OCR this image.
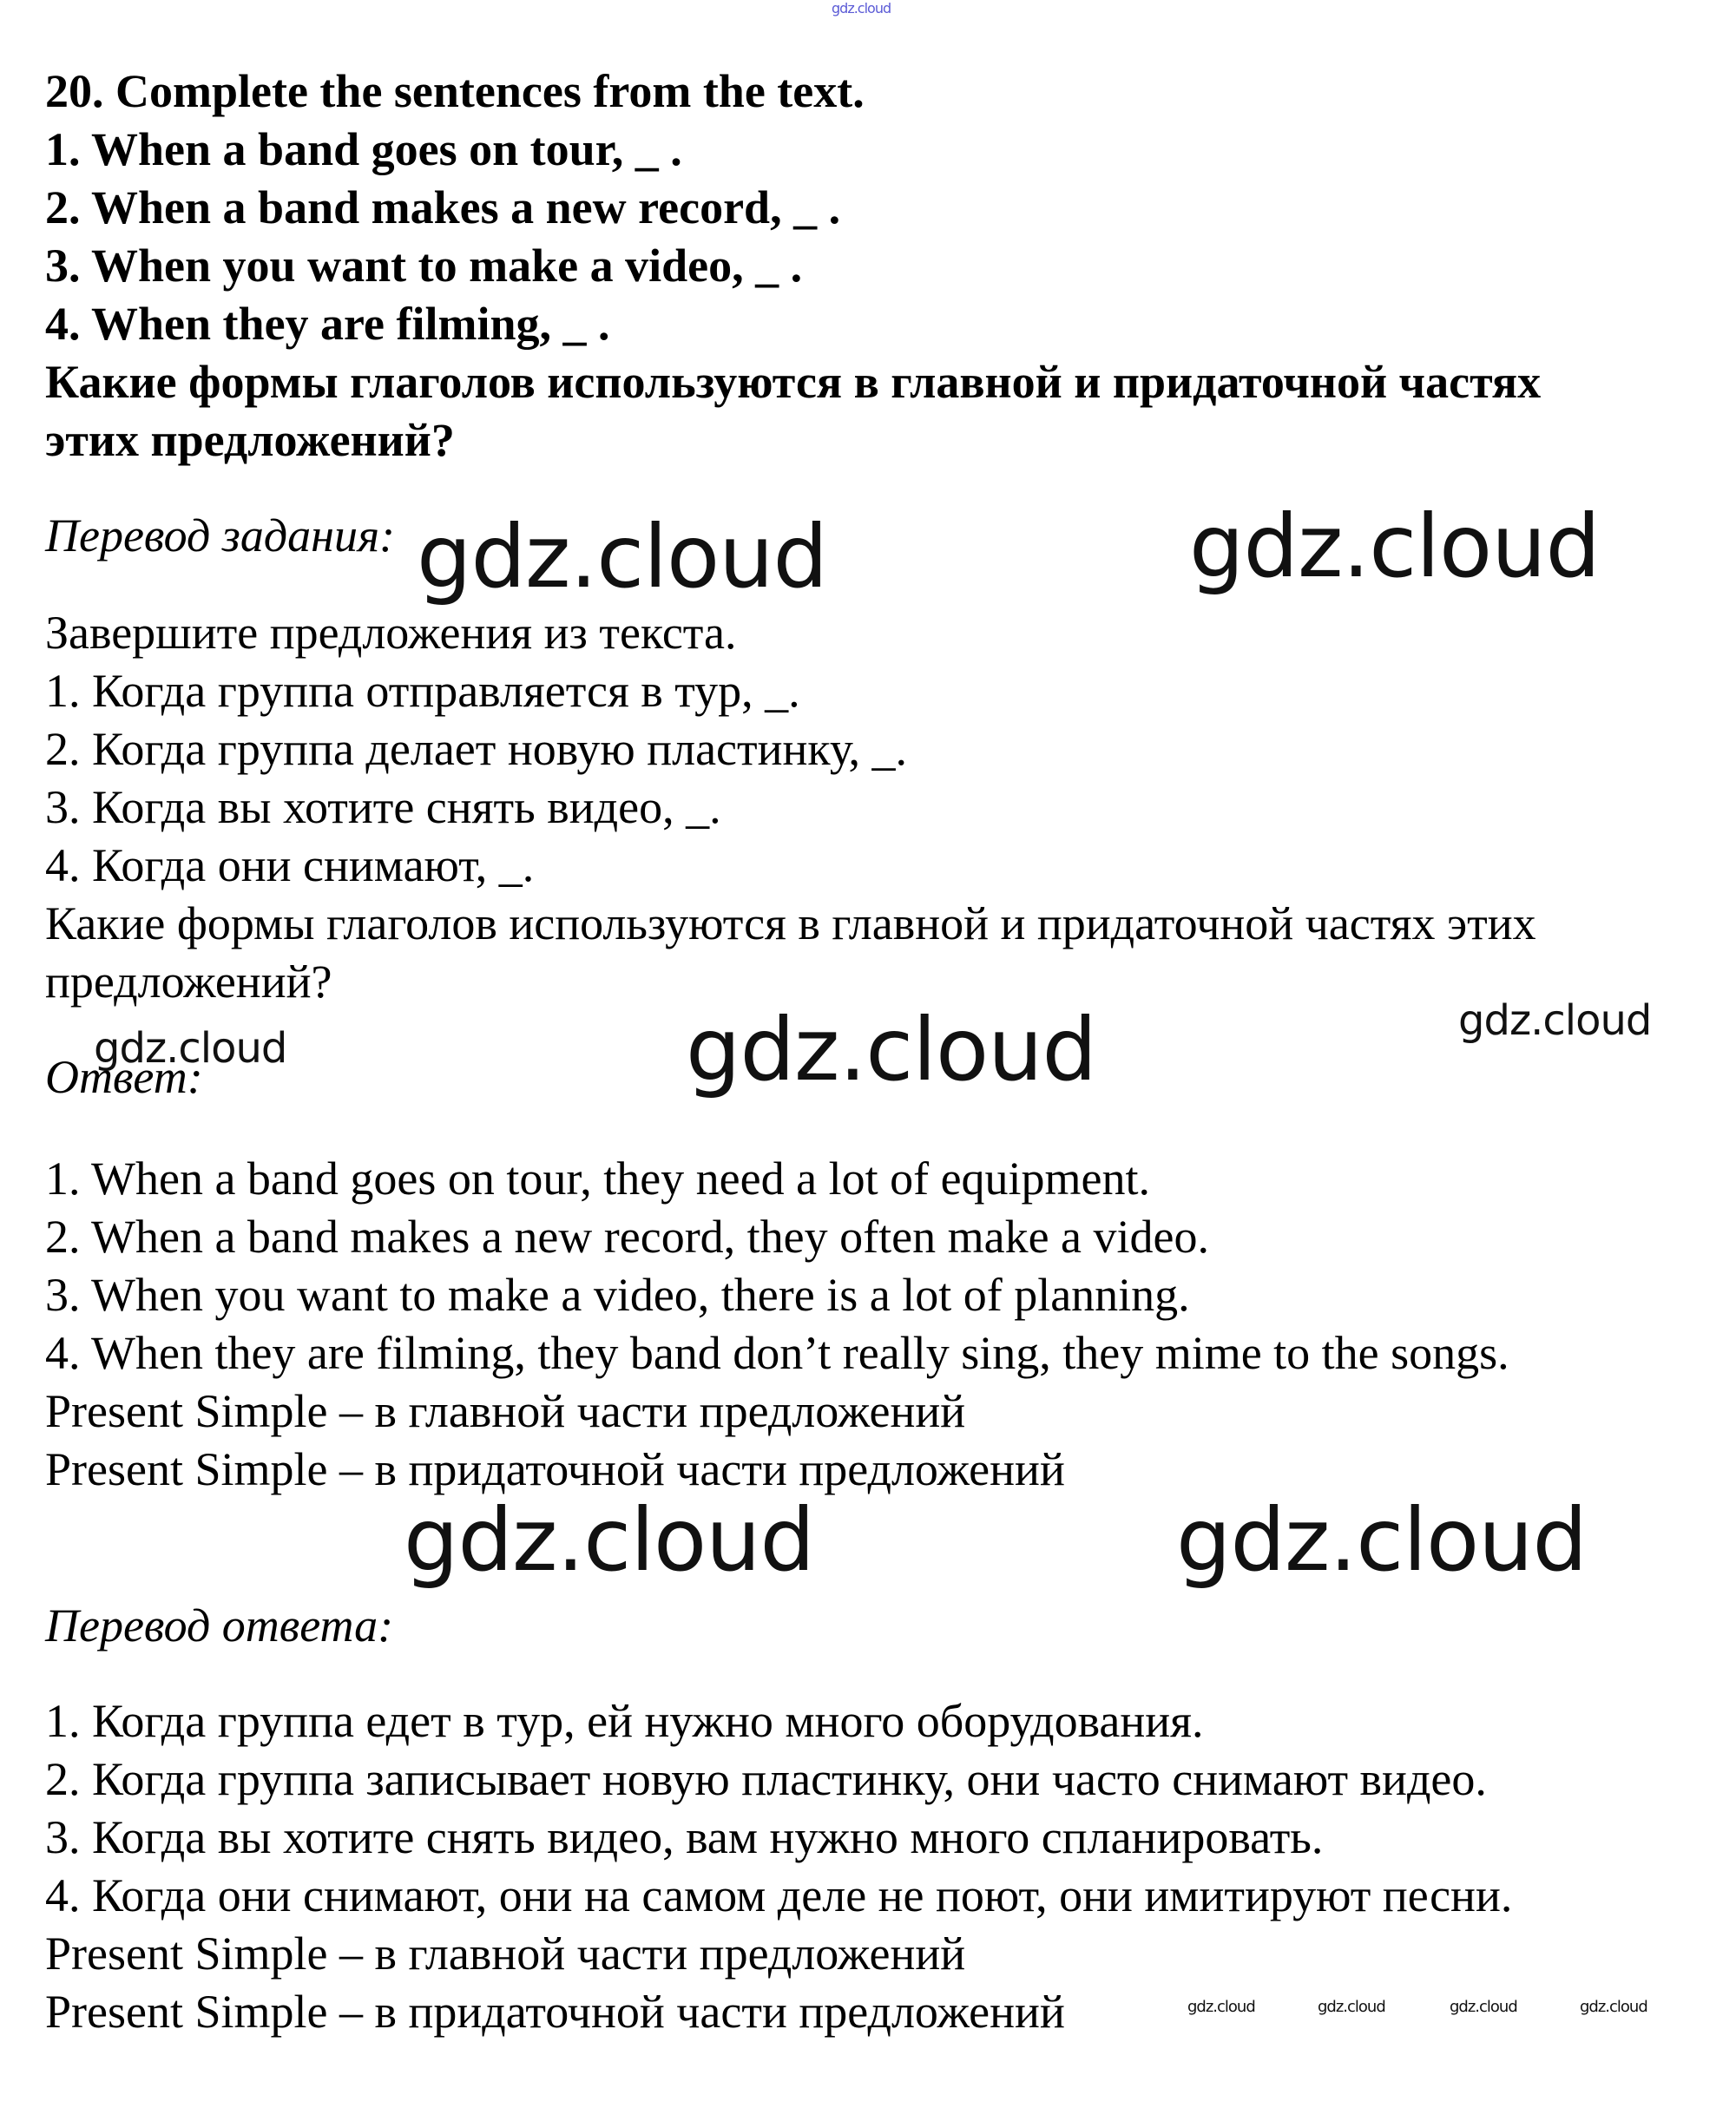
gdz.cloud
20. Complete the sentences from the text.
1. When a band goes on tour, _ .
2. When a band makes a new record, _ .
3. When you want to make a video, _ .
4. When they are filming, _ .
Какие формы глаголов используются в главной и придаточной частях
этих предложений?
Перевод задания:
Завершите предложения из текста.
1. Когда группа отправляется в тур, _.
2. Когда группа делает новую пластинку, _.
3. Когда вы хотите снять видео, _.
4. Когда они снимают, _.
Какие формы глаголов используются в главной и придаточной частях этих
предложений?
Ответ:
1. When a band goes on tour, they need a lot of equipment.
2. When a band makes a new record, they often make a video.
3. When you want to make a video, there is a lot of planning.
4. When they are filming, they band don’t really sing, they mime to the songs.
Present Simple – в главной части предложений
Present Simple – в придаточной части предложений
Перевод ответа:
1. Когда группа едет в тур, ей нужно много оборудования.
2. Когда группа записывает новую пластинку, они часто снимают видео.
3. Когда вы хотите снять видео, вам нужно много спланировать.
4. Когда они снимают, они на самом деле не поют, они имитируют песни.
Present Simple – в главной части предложений
Present Simple – в придаточной части предложений
gdz.cloud	gdz.cloud
gdz.cloud	gdz.cloud	gdz.cloud
gdz.cloud	gdz.cloud
gdz.cloud	gdz.cloud	gdz.cloud	gdz.cloud
